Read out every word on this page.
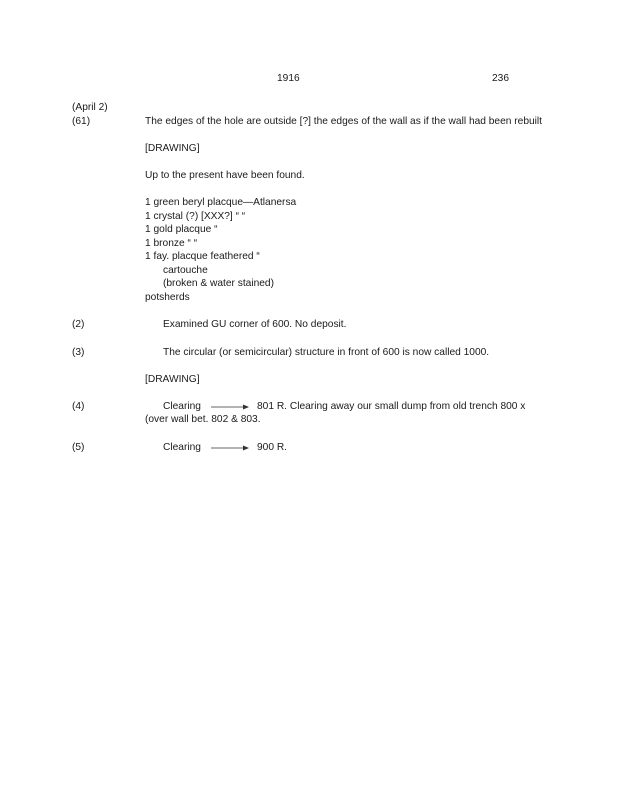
1916	236
(April 2)
(61)	The edges of the hole are outside [?] the edges of the wall as if the wall had been rebuilt
[DRAWING]
Up to the present have been found.
1 green beryl placque—Atlanersa
1 crystal (?) [XXX?] “ “
1 gold placque “
1 bronze “ “
1 fay. placque feathered “
cartouche
(broken & water stained)
potsherds
(2)	Examined GU corner of 600. No deposit.
(3)	The circular (or semicircular) structure in front of 600 is now called 1000.
[DRAWING]
(4)	Clearing	801 R. Clearing away our small dump from old trench 800 x
(over wall bet. 802 & 803.
(5)	Clearing	900 R.
